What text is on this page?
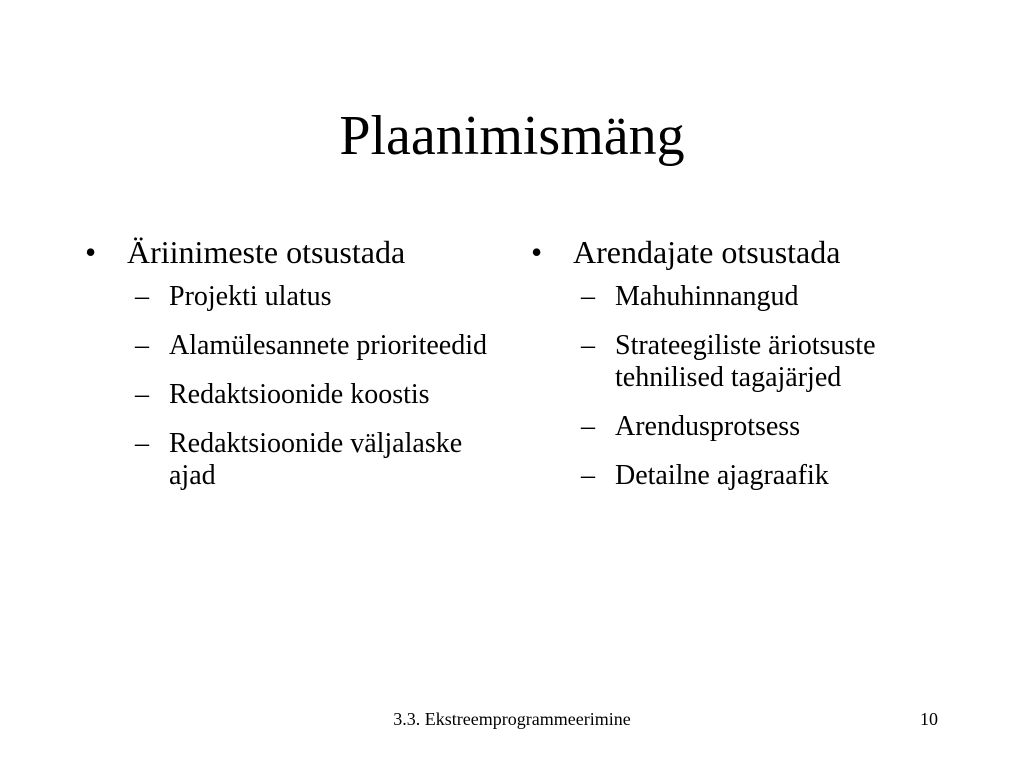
Plaanimismäng
• Äriinimeste otsustada
– Projekti ulatus
– Alamülesannete prioriteedid
– Redaktsioonide koostis
– Redaktsioonide väljalaske ajad
• Arendajate otsustada
– Mahuhinnangud
– Strateegiliste äriotsuste tehnilised tagajärjed
– Arendusprotsess
– Detailne ajagraafik
3.3. Ekstreemprogrammeerimine	10
